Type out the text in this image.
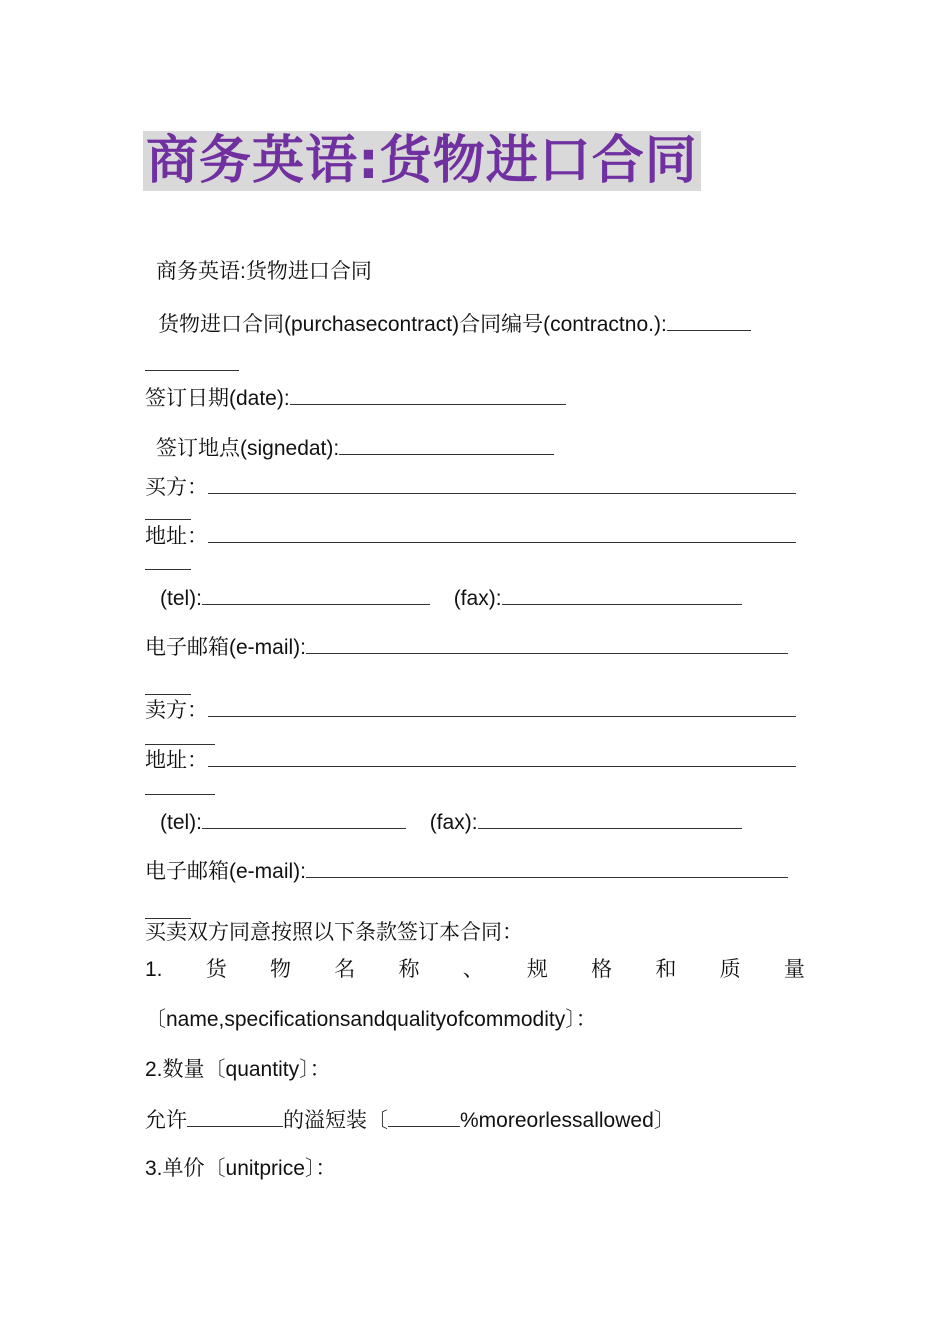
商务英语:货物进口合同
商务英语:货物进口合同
货物进口合同(purchasecontract)合同编号(contractno.):
签订日期(date):
签订地点(signedat):
买方：
地址：
(tel):	(fax):
电子邮箱(e-mail):
卖方：
地址：
(tel):	(fax):
电子邮箱(e-mail):
买卖双方同意按照以下条款签订本合同：
1. 货 物 名 称 、 规 格 和 质 量
〔name,specificationsandqualityofcommodity〕：
2.数量〔quantity〕：
允许	的溢短装〔	%moreorlessallowed〕
3.单价〔unitprice〕：
